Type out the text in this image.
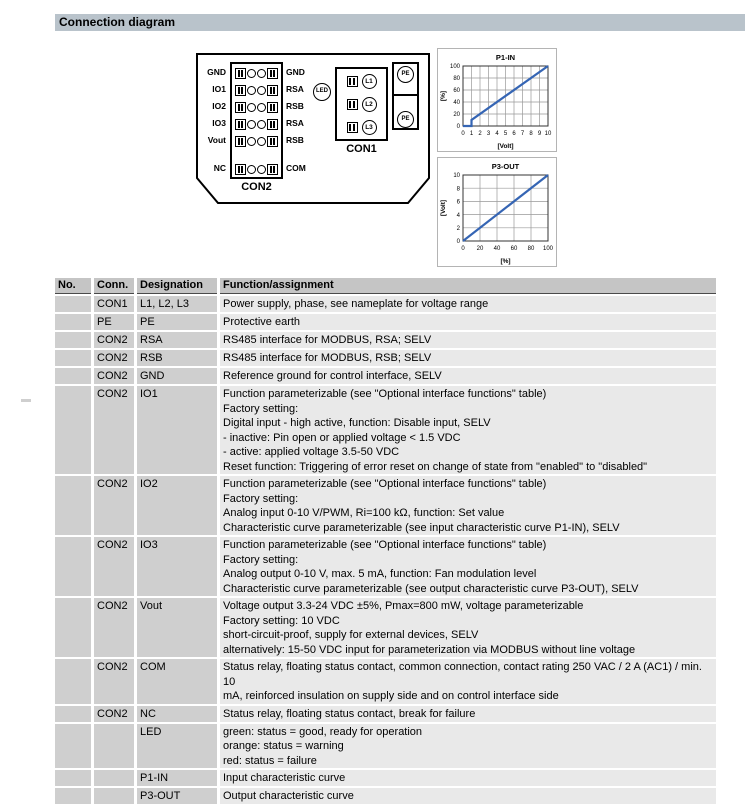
Connection diagram
CON2
LED
L1
L2
L3
CON1
PE
PE
GND	GND
IO1	RSA
IO2	RSB
IO3	RSA
Vout	RSB
NC	COM
0 1 2 3 4 5 6 7 8 9 10
0
20
40
60
80
100
P1-IN
[Volt]
[%]
0 20 40 60 80 100
0
2
4
6
8
10
P3-OUT
[%]
[Volt]
No.	Conn.	Designation	Function/assignment
	CON1	L1, L2, L3	Power supply, phase, see nameplate for voltage range

	PE	PE	Protective earth

	CON2	RSA	RS485 interface for MODBUS, RSA; SELV

	CON2	RSB	RS485 interface for MODBUS, RSB; SELV

	CON2	GND	Reference ground for control interface, SELV

	CON2	IO1	Function parameterizable (see "Optional interface functions" table)
Factory setting:
Digital input - high active, function: Disable input, SELV
- inactive: Pin open or applied voltage < 1.5 VDC
- active: applied voltage 3.5-50 VDC
Reset function: Triggering of error reset on change of state from "enabled" to "disabled"

	CON2	IO2	Function parameterizable (see "Optional interface functions" table)
Factory setting:
Analog input 0-10 V/PWM, Ri=100 kΩ, function: Set value
Characteristic curve parameterizable (see input characteristic curve P1-IN), SELV

	CON2	IO3	Function parameterizable (see "Optional interface functions" table)
Factory setting:
Analog output 0-10 V, max. 5 mA, function: Fan modulation level
Characteristic curve parameterizable (see output characteristic curve P3-OUT), SELV

	CON2	Vout	Voltage output 3.3-24 VDC ±5%, Pmax=800 mW, voltage parameterizable
Factory setting: 10 VDC
short-circuit-proof, supply for external devices, SELV
alternatively: 15-50 VDC input for parameterization via MODBUS without line voltage

	CON2	COM	Status relay, floating status contact, common connection, contact rating 250 VAC / 2 A (AC1) / min. 10
mA, reinforced insulation on supply side and on control interface side

	CON2	NC	Status relay, floating status contact, break for failure

		LED	green: status = good, ready for operation
orange: status = warning
red: status = failure

		P1-IN	Input characteristic curve

		P3-OUT	Output characteristic curve
